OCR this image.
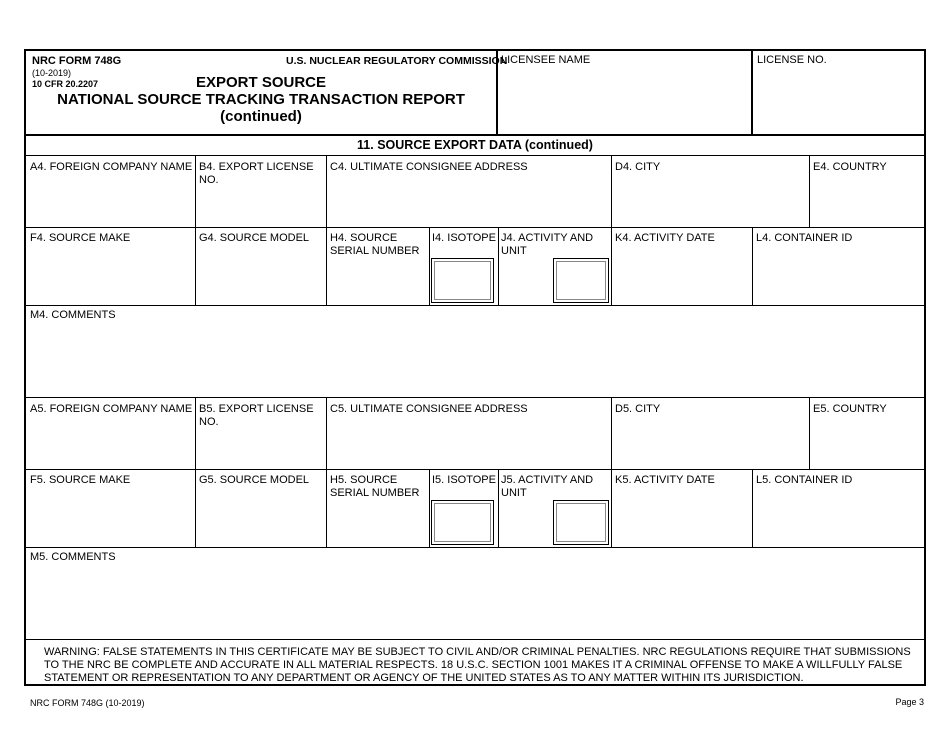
NRC FORM 748G
(10-2019)
10 CFR 20.2207
U.S. NUCLEAR REGULATORY COMMISSION
EXPORT SOURCE
NATIONAL SOURCE TRACKING TRANSACTION REPORT
(continued)
LICENSEE NAME	LICENSE NO.
11. SOURCE EXPORT DATA (continued)
A4. FOREIGN COMPANY NAME B4. EXPORT LICENSE NO.
C4. ULTIMATE CONSIGNEE ADDRESS	D4. CITY	E4. COUNTRY
F4. SOURCE MAKE	G4. SOURCE MODEL H4. SOURCE SERIAL NUMBER
I4. ISOTOPE J4. ACTIVITY AND UNIT
K4. ACTIVITY DATE	L4. CONTAINER ID
M4. COMMENTS
A5. FOREIGN COMPANY NAME B5. EXPORT LICENSE NO.
C5. ULTIMATE CONSIGNEE ADDRESS	D5. CITY	E5. COUNTRY
F5. SOURCE MAKE	G5. SOURCE MODEL H5. SOURCE SERIAL NUMBER
I5. ISOTOPE J5. ACTIVITY AND UNIT
K5. ACTIVITY DATE	L5. CONTAINER ID
M5. COMMENTS
WARNING: FALSE STATEMENTS IN THIS CERTIFICATE MAY BE SUBJECT TO CIVIL AND/OR CRIMINAL PENALTIES. NRC REGULATIONS REQUIRE THAT SUBMISSIONS TO THE NRC BE COMPLETE AND ACCURATE IN ALL MATERIAL RESPECTS. 18 U.S.C. SECTION 1001 MAKES IT A CRIMINAL OFFENSE TO MAKE A WILLFULLY FALSE STATEMENT OR REPRESENTATION TO ANY DEPARTMENT OR AGENCY OF THE UNITED STATES AS TO ANY MATTER WITHIN ITS JURISDICTION.
NRC FORM 748G (10-2019)	Page 3
